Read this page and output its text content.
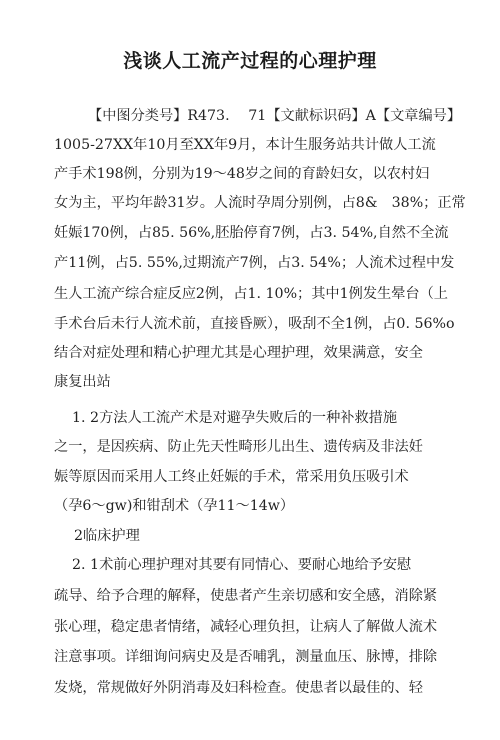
浅谈人工流产过程的心理护理
【中图分类号】R473.　 71【文献标识码】A【文章编号】
1005-27XX年10月至XX年9月，本计生服务站共计做人工流
产手术198例，分别为19～48岁之间的育龄妇女，以农村妇
女为主，平均年龄31岁。人流时孕周分别例，占8&　38%；正常
妊娠170例，占85. 56%,胚胎停育7例，占3. 54%,自然不全流
产11例，占5. 55%,过期流产7例，占3. 54%；人流术过程中发
生人工流产综合症反应2例，占1. 10%；其中1例发生晕台（上
手术台后未行人流术前，直接昏厥），吸刮不全1例，占0. 56%o
结合对症处理和精心护理尤其是心理护理，效果满意，安全
康复出站
1. 2方法人工流产术是对避孕失败后的一种补救措施
之一，是因疾病、防止先天性畸形儿出生、遗传病及非法妊
娠等原因而采用人工终止妊娠的手术，常采用负压吸引术
（孕6～gw)和钳刮术（孕11～14w）
2临床护理
2. 1术前心理护理对其要有同情心、要耐心地给予安慰
疏导、给予合理的解释，使患者产生亲切感和安全感，消除紧
张心理，稳定患者情绪，减轻心理负担，让病人了解做人流术
注意事项。详细询问病史及是否哺乳，测量血压、脉博，排除
发烧，常规做好外阴消毒及妇科检查。使患者以最佳的、轻
